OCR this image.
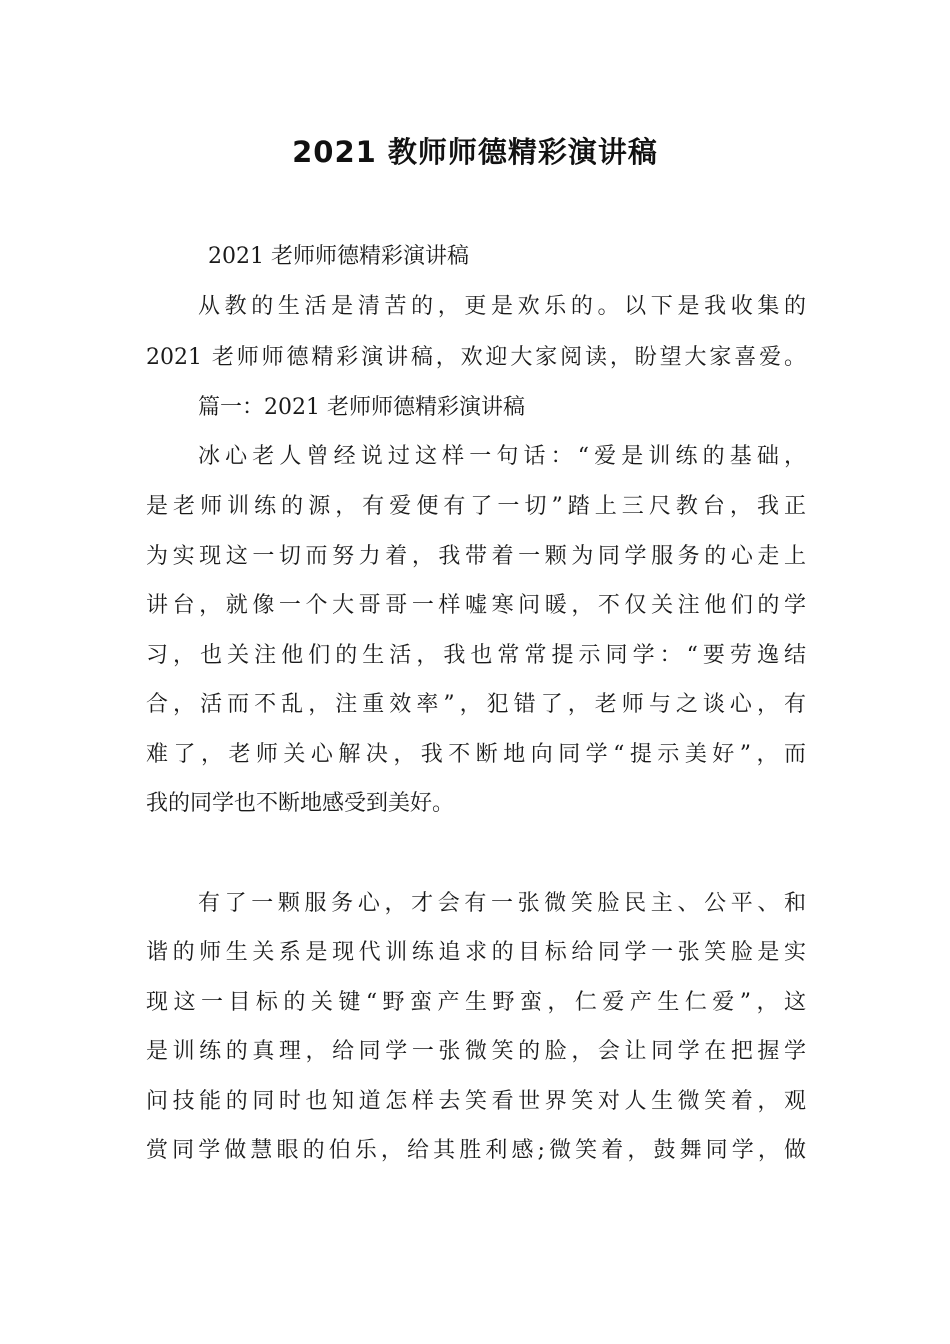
2021 教师师德精彩演讲稿
2021 老师师德精彩演讲稿
从教的生活是清苦的，更是欢乐的。以下是我收集的
2021 老师师德精彩演讲稿，欢迎大家阅读，盼望大家喜爱。
篇一：2021 老师师德精彩演讲稿
冰心老人曾经说过这样一句话：“爱是训练的基础，
是老师训练的源，有爱便有了一切”踏上三尺教台，我正
为实现这一切而努力着，我带着一颗为同学服务的心走上
讲台，就像一个大哥哥一样嘘寒问暖，不仅关注他们的学
习，也关注他们的生活，我也常常提示同学：“要劳逸结
合，活而不乱，注重效率”，犯错了，老师与之谈心，有
难了，老师关心解决，我不断地向同学“提示美好”，而
我的同学也不断地感受到美好。
有了一颗服务心，才会有一张微笑脸民主、公平、和
谐的师生关系是现代训练追求的目标给同学一张笑脸是实
现这一目标的关键“野蛮产生野蛮，仁爱产生仁爱”，这
是训练的真理，给同学一张微笑的脸，会让同学在把握学
问技能的同时也知道怎样去笑看世界笑对人生微笑着，观
赏同学做慧眼的伯乐，给其胜利感;微笑着，鼓舞同学，做
